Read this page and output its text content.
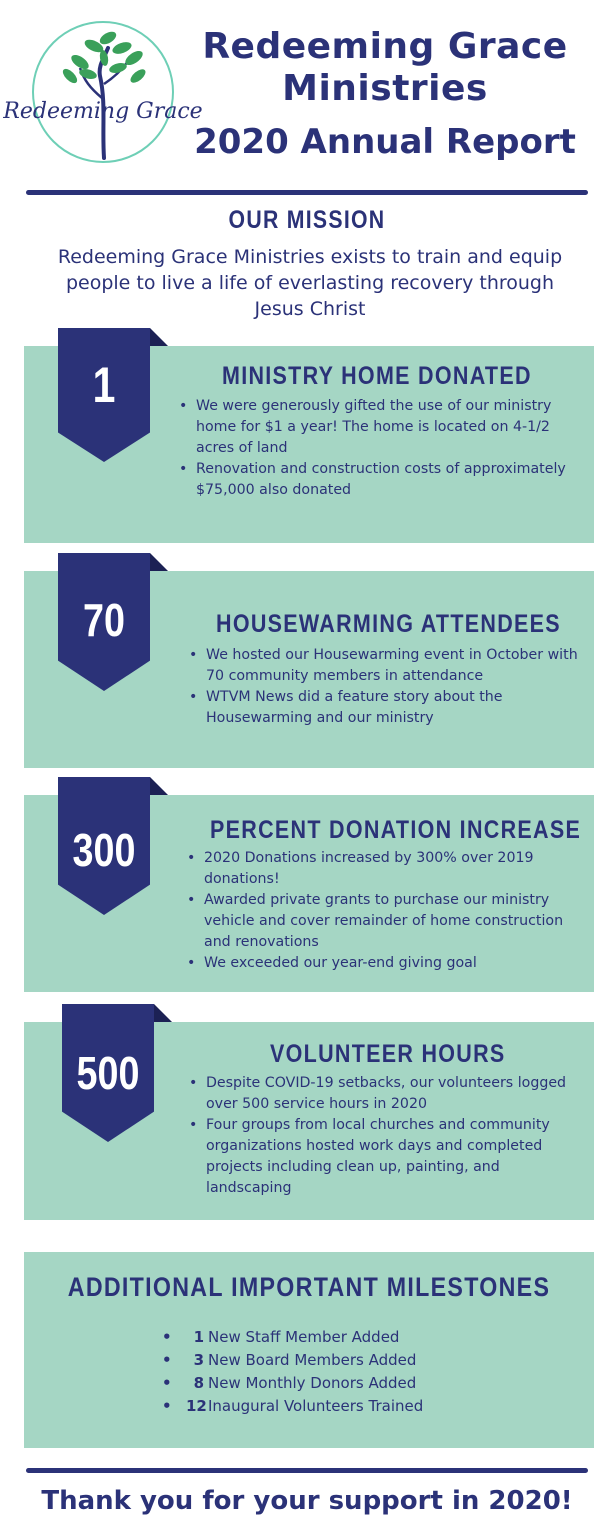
Redeeming Grace
Redeeming Grace
Ministries
2020 Annual Report
OUR MISSION
Redeeming Grace Ministries exists to train and equip people to live a life of everlasting recovery through Jesus Christ
1	MINISTRY HOME DONATED
• We were generously gifted the use of our ministry home for $1 a year! The home is located on 4-1/2 acres of land
• Renovation and construction costs of approximately $75,000 also donated
70	HOUSEWARMING ATTENDEES
• We hosted our Housewarming event in October with 70 community members in attendance
• WTVM News did a feature story about the Housewarming and our ministry
300	PERCENT DONATION INCREASE
• 2020 Donations increased by 300% over 2019 donations!
• Awarded private grants to purchase our ministry vehicle and cover remainder of home construction and renovations
• We exceeded our year-end giving goal
500	VOLUNTEER HOURS
• Despite COVID-19 setbacks, our volunteers logged over 500 service hours in 2020
• Four groups from local churches and community organizations hosted work days and completed projects including clean up, painting, and landscaping
ADDITIONAL IMPORTANT MILESTONES
• 1 New Staff Member Added
• 3 New Board Members Added
• 8 New Monthly Donors Added
• 12Inaugural Volunteers Trained
Thank you for your support in 2020!
